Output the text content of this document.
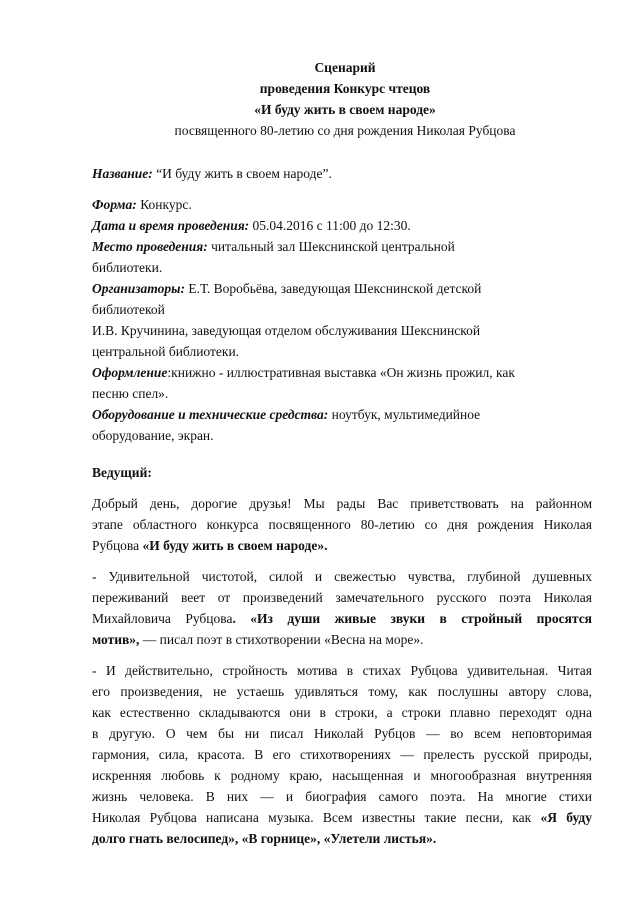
Сценарий

проведения Конкурс чтецов

«И буду жить в своем народе»

посвященного 80-летию со дня рождения Николая Рубцова

Название: “И буду жить в своем народе”.

Форма: Конкурс.

Дата и время проведения: 05.04.2016 с 11:00 до 12:30.

Место проведения: читальный зал Шекснинской центральной

библиотеки.

Организаторы: Е.Т. Воробьёва, заведующая Шекснинской детской

библиотекой

И.В. Кручинина, заведующая отделом обслуживания Шекснинской

центральной библиотеки.

Оформление:книжно - иллюстративная выставка «Он жизнь прожил, как

песню спел».

Оборудование и технические средства: ноутбук, мультимедийное

оборудование, экран.

Ведущий:

Добрый день, дорогие друзья! Мы рады Вас приветствовать на районном

этапе областного конкурса посвященного 80-летию со дня рождения Николая

Рубцова «И буду жить в своем народе».

- Удивительной чистотой, силой и свежестью чувства, глубиной душевных

переживаний веет от произведений замечательного русского поэта Николая

Михайловича Рубцова. «Из души живые звуки в стройный просятся

мотив», — писал поэт в стихотворении «Весна на море».

- И действительно, стройность мотива в стихах Рубцова удивительная. Читая

его произведения, не устаешь удивляться тому, как послушны автору слова,

как естественно складываются они в строки, а строки плавно переходят одна

в другую. О чем бы ни писал Николай Рубцов — во всем неповторимая

гармония, сила, красота. В его стихотворениях — прелесть русской природы,

искренняя любовь к родному краю, насыщенная и многообразная внутренняя

жизнь человека. В них — и биография самого поэта. На многие стихи

Николая Рубцова написана музыка. Всем известны такие песни, как «Я буду

долго гнать велосипед», «В горнице», «Улетели листья».
